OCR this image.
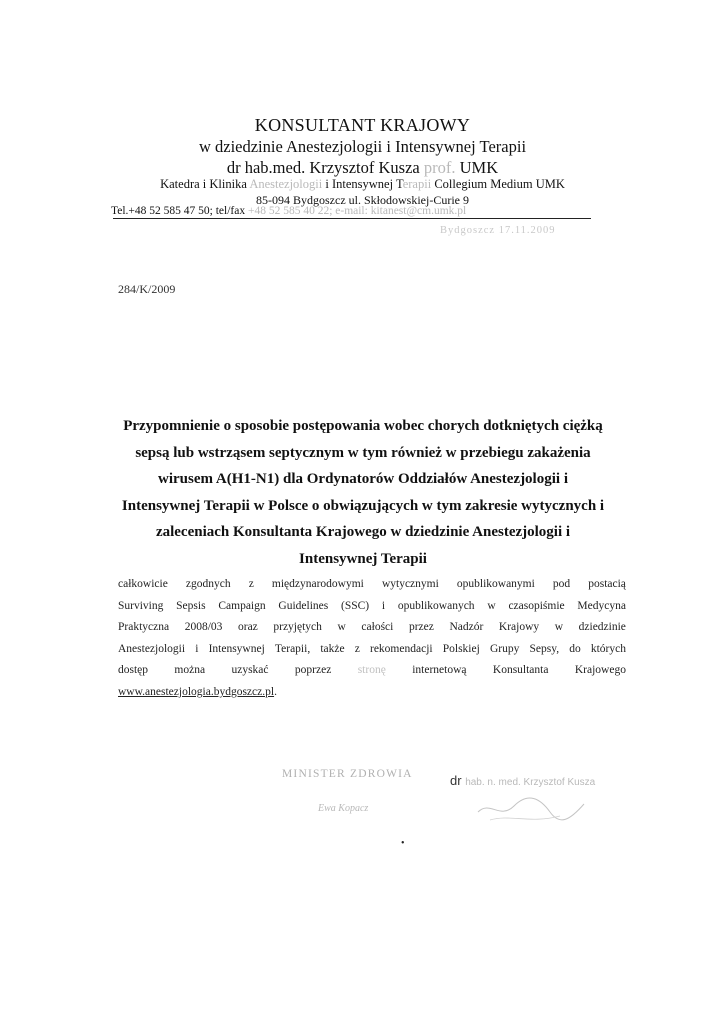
KONSULTANT KRAJOWY
w dziedzinie Anestezjologii i Intensywnej Terapii
dr hab.med. Krzysztof Kusza prof. UMK
Katedra i Klinika Anestezjologii i Intensywnej Terapii Collegium Medium UMK
85-094 Bydgoszcz ul. Skłodowskiej-Curie 9
Tel.+48 52 585 47 50; tel/fax +48 52 585 40 22; e-mail: kitanest@cm.umk.pl
Bydgoszcz 17.11.2009
284/K/2009
Przypomnienie o sposobie postępowania wobec chorych dotkniętych ciężką
sepsą lub wstrząsem septycznym w tym również w przebiegu zakażenia
wirusem A(H1-N1) dla Ordynatorów Oddziałów Anestezjologii i
Intensywnej Terapii w Polsce o obwiązujących w tym zakresie wytycznych i
zaleceniach Konsultanta Krajowego w dziedzinie Anestezjologii i
Intensywnej Terapii
całkowicie zgodnych z międzynarodowymi wytycznymi opublikowanymi pod postacią
Surviving Sepsis Campaign Guidelines (SSC) i opublikowanych w czasopiśmie Medycyna
Praktyczna 2008/03 oraz przyjętych w całości przez Nadzór Krajowy w dziedzinie
Anestezjologii i Intensywnej Terapii, także z rekomendacji Polskiej Grupy Sepsy, do których
dostęp można uzyskać poprzez stronę internetową Konsultanta Krajowego
www.anestezjologia.bydgoszcz.pl .
MINISTER ZDROWIA	dr hab. n. med. Krzysztof Kusza
Ewa Kopacz
•
